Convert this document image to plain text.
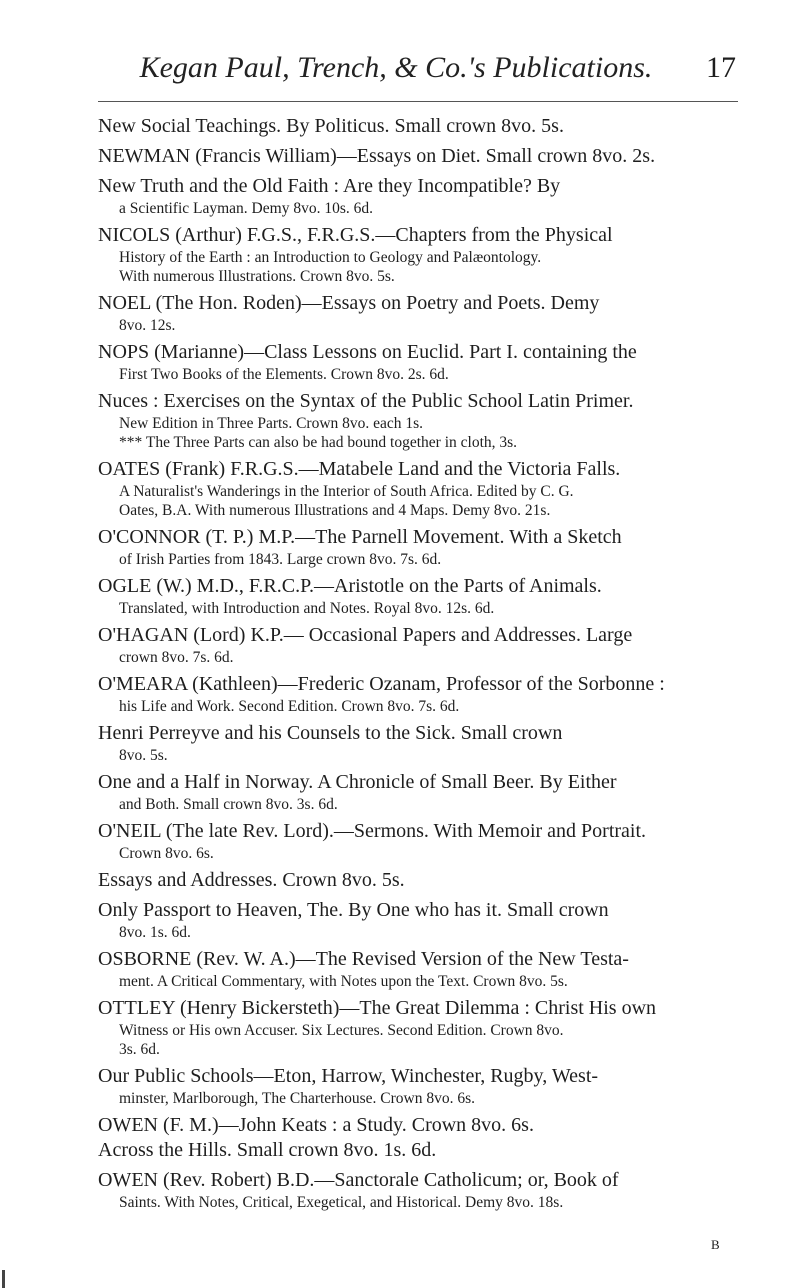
Kegan Paul, Trench, & Co.'s Publications.	17
New Social Teachings. By Politicus. Small crown 8vo. 5s.
NEWMAN (Francis William)—Essays on Diet. Small crown 8vo. 2s.
New Truth and the Old Faith : Are they Incompatible? By
a Scientific Layman. Demy 8vo. 10s. 6d.
NICOLS (Arthur) F.G.S., F.R.G.S.—Chapters from the Physical
History of the Earth : an Introduction to Geology and Palæontology.
With numerous Illustrations. Crown 8vo. 5s.
NOEL (The Hon. Roden)—Essays on Poetry and Poets. Demy
8vo. 12s.
NOPS (Marianne)—Class Lessons on Euclid. Part I. containing the
First Two Books of the Elements. Crown 8vo. 2s. 6d.
Nuces : Exercises on the Syntax of the Public School Latin Primer.
New Edition in Three Parts. Crown 8vo. each 1s.
*** The Three Parts can also be had bound together in cloth, 3s.
OATES (Frank) F.R.G.S.—Matabele Land and the Victoria Falls.
A Naturalist's Wanderings in the Interior of South Africa. Edited by C. G.
Oates, B.A. With numerous Illustrations and 4 Maps. Demy 8vo. 21s.
O'CONNOR (T. P.) M.P.—The Parnell Movement. With a Sketch
of Irish Parties from 1843. Large crown 8vo. 7s. 6d.
OGLE (W.) M.D., F.R.C.P.—Aristotle on the Parts of Animals.
Translated, with Introduction and Notes. Royal 8vo. 12s. 6d.
O'HAGAN (Lord) K.P.— Occasional Papers and Addresses. Large
crown 8vo. 7s. 6d.
O'MEARA (Kathleen)—Frederic Ozanam, Professor of the Sorbonne :
his Life and Work. Second Edition. Crown 8vo. 7s. 6d.
Henri Perreyve and his Counsels to the Sick. Small crown
8vo. 5s.
One and a Half in Norway. A Chronicle of Small Beer. By Either
and Both. Small crown 8vo. 3s. 6d.
O'NEIL (The late Rev. Lord).—Sermons. With Memoir and Portrait.
Crown 8vo. 6s.
Essays and Addresses. Crown 8vo. 5s.
Only Passport to Heaven, The. By One who has it. Small crown
8vo. 1s. 6d.
OSBORNE (Rev. W. A.)—The Revised Version of the New Testa-
ment. A Critical Commentary, with Notes upon the Text. Crown 8vo. 5s.
OTTLEY (Henry Bickersteth)—The Great Dilemma : Christ His own
Witness or His own Accuser. Six Lectures. Second Edition. Crown 8vo.
3s. 6d.
Our Public Schools—Eton, Harrow, Winchester, Rugby, West-
minster, Marlborough, The Charterhouse. Crown 8vo. 6s.
OWEN (F. M.)—John Keats : a Study. Crown 8vo. 6s.
Across the Hills. Small crown 8vo. 1s. 6d.
OWEN (Rev. Robert) B.D.—Sanctorale Catholicum; or, Book of
Saints. With Notes, Critical, Exegetical, and Historical. Demy 8vo. 18s.
B
